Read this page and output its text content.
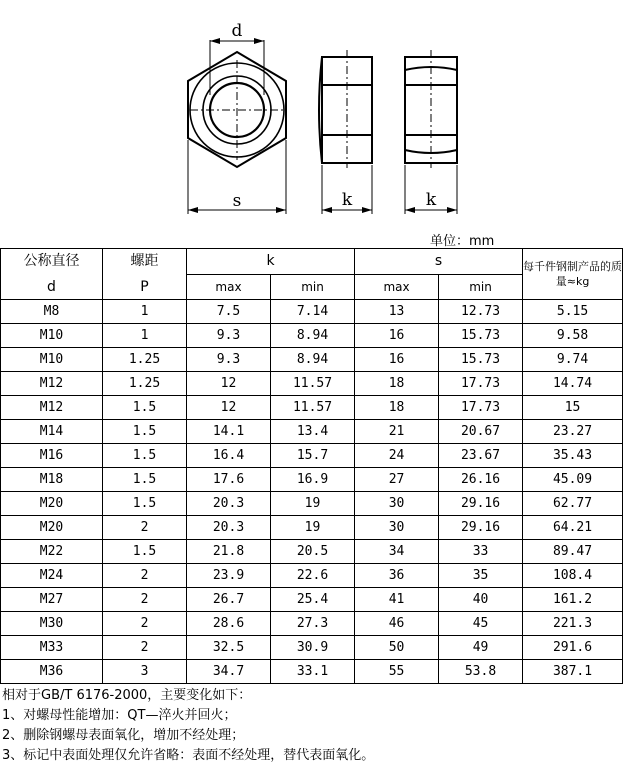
d
s	k	k
单位：mm
公称直径	螺距	k		s		每千件钢制产品的质量≈kg
d	P	max	min	max	min	
M8	1	7.5	7.14	13	12.73	5.15
M10	1	9.3	8.94	16	15.73	9.58
M10	1.25	9.3	8.94	16	15.73	9.74
M12	1.25	12	11.57	18	17.73	14.74
M12	1.5	12	11.57	18	17.73	15
M14	1.5	14.1	13.4	21	20.67	23.27
M16	1.5	16.4	15.7	24	23.67	35.43
M18	1.5	17.6	16.9	27	26.16	45.09
M20	1.5	20.3	19	30	29.16	62.77
M20	2	20.3	19	30	29.16	64.21
M22	1.5	21.8	20.5	34	33	89.47
M24	2	23.9	22.6	36	35	108.4
M27	2	26.7	25.4	41	40	161.2
M30	2	28.6	27.3	46	45	221.3
M33	2	32.5	30.9	50	49	291.6
M36	3	34.7	33.1	55	53.8	387.1
相对于GB/T 6176-2000，主要变化如下：
1、对螺母性能增加：QT—淬火并回火；
2、删除钢螺母表面氧化，增加不经处理；
3、标记中表面处理仅允许省略：表面不经处理，替代表面氧化。
